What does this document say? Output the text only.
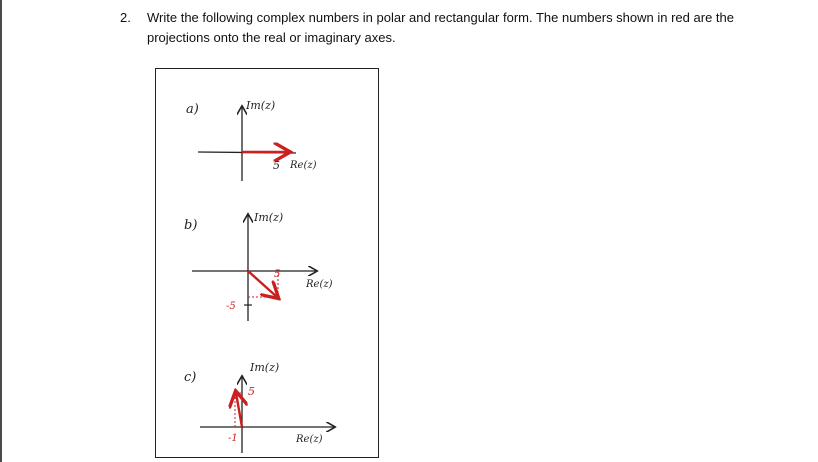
2. Write the following complex numbers in polar and rectangular form. The numbers shown in red are the projections onto the real or imaginary axes.
a)	Im(z)
5 Re(z)
b)
Im(z)
5
-5
Re(z)
c)
Im(z)
5
-1	Re(z)
